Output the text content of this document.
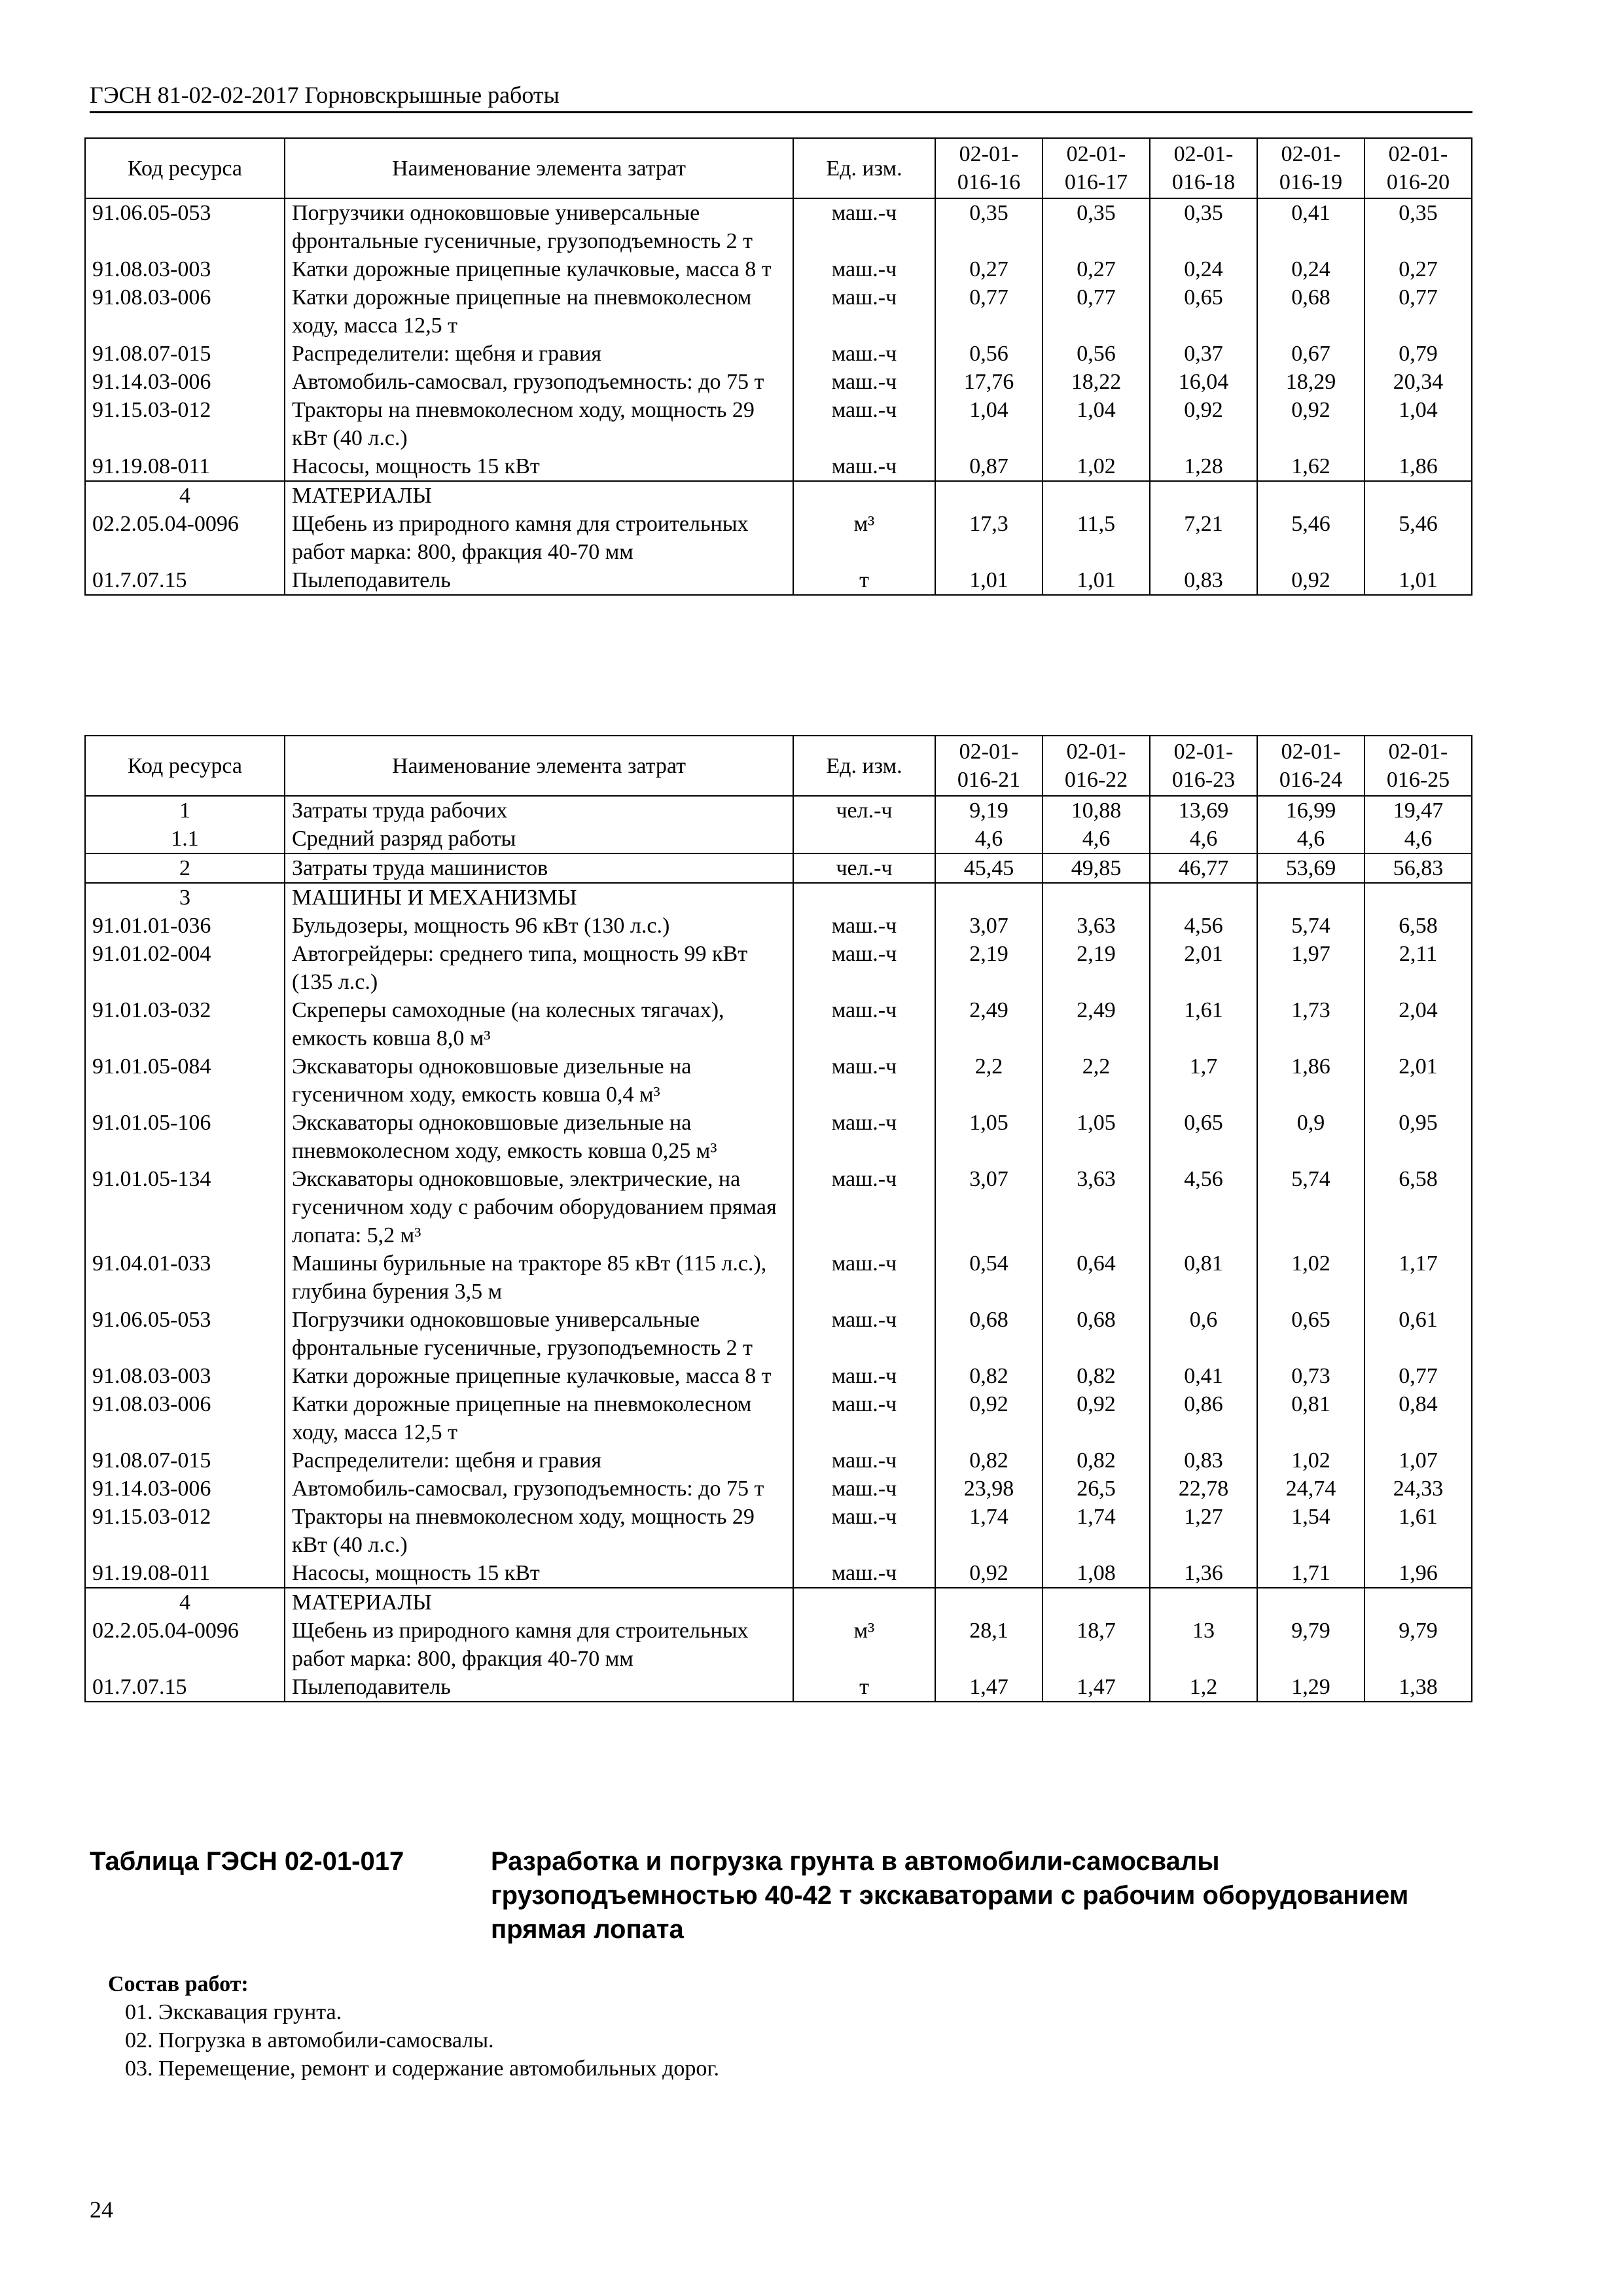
ГЭСН 81-02-02-2017 Горновскрышные работы
Код ресурса	Наименование элемента затрат	Ед. изм.	02-01-016-16	02-01-016-17	02-01-016-18	02-01-016-19	02-01-016-20
91.06.05-053	Погрузчики одноковшовые универсальные фронтальные гусеничные, грузоподъемность 2 т	маш.-ч	0,35	0,35	0,35	0,41	0,35
91.08.03-003	Катки дорожные прицепные кулачковые, масса 8 т	маш.-ч	0,27	0,27	0,24	0,24	0,27
91.08.03-006	Катки дорожные прицепные на пневмоколесном ходу, масса 12,5 т	маш.-ч	0,77	0,77	0,65	0,68	0,77
91.08.07-015	Распределители: щебня и гравия	маш.-ч	0,56	0,56	0,37	0,67	0,79
91.14.03-006	Автомобиль-самосвал, грузоподъемность: до 75 т	маш.-ч	17,76	18,22	16,04	18,29	20,34
91.15.03-012	Тракторы на пневмоколесном ходу, мощность 29 кВт (40 л.с.)	маш.-ч	1,04	1,04	0,92	0,92	1,04
91.19.08-011	Насосы, мощность 15 кВт	маш.-ч	0,87	1,02	1,28	1,62	1,86
4	МАТЕРИАЛЫ						
02.2.05.04-0096	Щебень из природного камня для строительных работ марка: 800, фракция 40-70 мм	м³	17,3	11,5	7,21	5,46	5,46
01.7.07.15	Пылеподавитель	т	1,01	1,01	0,83	0,92	1,01
Код ресурса	Наименование элемента затрат	Ед. изм.	02-01-016-21	02-01-016-22	02-01-016-23	02-01-016-24	02-01-016-25
1	Затраты труда рабочих	чел.-ч	9,19	10,88	13,69	16,99	19,47
1.1	Средний разряд работы		4,6	4,6	4,6	4,6	4,6
2	Затраты труда машинистов	чел.-ч	45,45	49,85	46,77	53,69	56,83
3	МАШИНЫ И МЕХАНИЗМЫ						
91.01.01-036	Бульдозеры, мощность 96 кВт (130 л.с.)	маш.-ч	3,07	3,63	4,56	5,74	6,58
91.01.02-004	Автогрейдеры: среднего типа, мощность 99 кВт (135 л.с.)	маш.-ч	2,19	2,19	2,01	1,97	2,11
91.01.03-032	Скреперы самоходные (на колесных тягачах), емкость ковша 8,0 м³	маш.-ч	2,49	2,49	1,61	1,73	2,04
91.01.05-084	Экскаваторы одноковшовые дизельные на гусеничном ходу, емкость ковша 0,4 м³	маш.-ч	2,2	2,2	1,7	1,86	2,01
91.01.05-106	Экскаваторы одноковшовые дизельные на пневмоколесном ходу, емкость ковша 0,25 м³	маш.-ч	1,05	1,05	0,65	0,9	0,95
91.01.05-134	Экскаваторы одноковшовые, электрические, на гусеничном ходу с рабочим оборудованием прямая лопата: 5,2 м³	маш.-ч	3,07	3,63	4,56	5,74	6,58
91.04.01-033	Машины бурильные на тракторе 85 кВт (115 л.с.), глубина бурения 3,5 м	маш.-ч	0,54	0,64	0,81	1,02	1,17
91.06.05-053	Погрузчики одноковшовые универсальные фронтальные гусеничные, грузоподъемность 2 т	маш.-ч	0,68	0,68	0,6	0,65	0,61
91.08.03-003	Катки дорожные прицепные кулачковые, масса 8 т	маш.-ч	0,82	0,82	0,41	0,73	0,77
91.08.03-006	Катки дорожные прицепные на пневмоколесном ходу, масса 12,5 т	маш.-ч	0,92	0,92	0,86	0,81	0,84
91.08.07-015	Распределители: щебня и гравия	маш.-ч	0,82	0,82	0,83	1,02	1,07
91.14.03-006	Автомобиль-самосвал, грузоподъемность: до 75 т	маш.-ч	23,98	26,5	22,78	24,74	24,33
91.15.03-012	Тракторы на пневмоколесном ходу, мощность 29 кВт (40 л.с.)	маш.-ч	1,74	1,74	1,27	1,54	1,61
91.19.08-011	Насосы, мощность 15 кВт	маш.-ч	0,92	1,08	1,36	1,71	1,96
4	МАТЕРИАЛЫ						
02.2.05.04-0096	Щебень из природного камня для строительных работ марка: 800, фракция 40-70 мм	м³	28,1	18,7	13	9,79	9,79
01.7.07.15	Пылеподавитель	т	1,47	1,47	1,2	1,29	1,38
Таблица ГЭСН 02-01-017	Разработка и погрузка грунта в автомобили-самосвалы грузоподъемностью 40-42 т экскаваторами с рабочим оборудованием прямая лопата
Состав работ:
01. Экскавация грунта.
02. Погрузка в автомобили-самосвалы.
03. Перемещение, ремонт и содержание автомобильных дорог.
24
